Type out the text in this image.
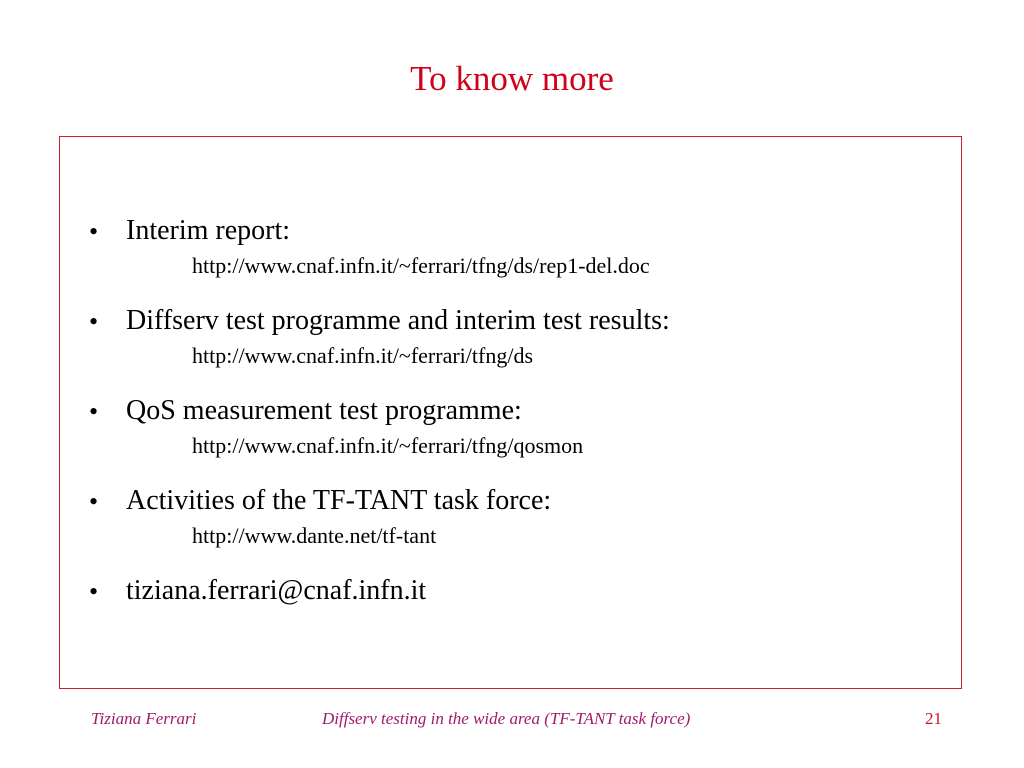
To know more
• Interim report:
http://www.cnaf.infn.it/~ferrari/tfng/ds/rep1-del.doc
• Diffserv test programme and interim test results:
http://www.cnaf.infn.it/~ferrari/tfng/ds
• QoS measurement test programme:
http://www.cnaf.infn.it/~ferrari/tfng/qosmon
• Activities of the TF-TANT task force:
http://www.dante.net/tf-tant
• tiziana.ferrari@cnaf.infn.it
Tiziana Ferrari	Diffserv testing in the wide area (TF-TANT task force)	21
